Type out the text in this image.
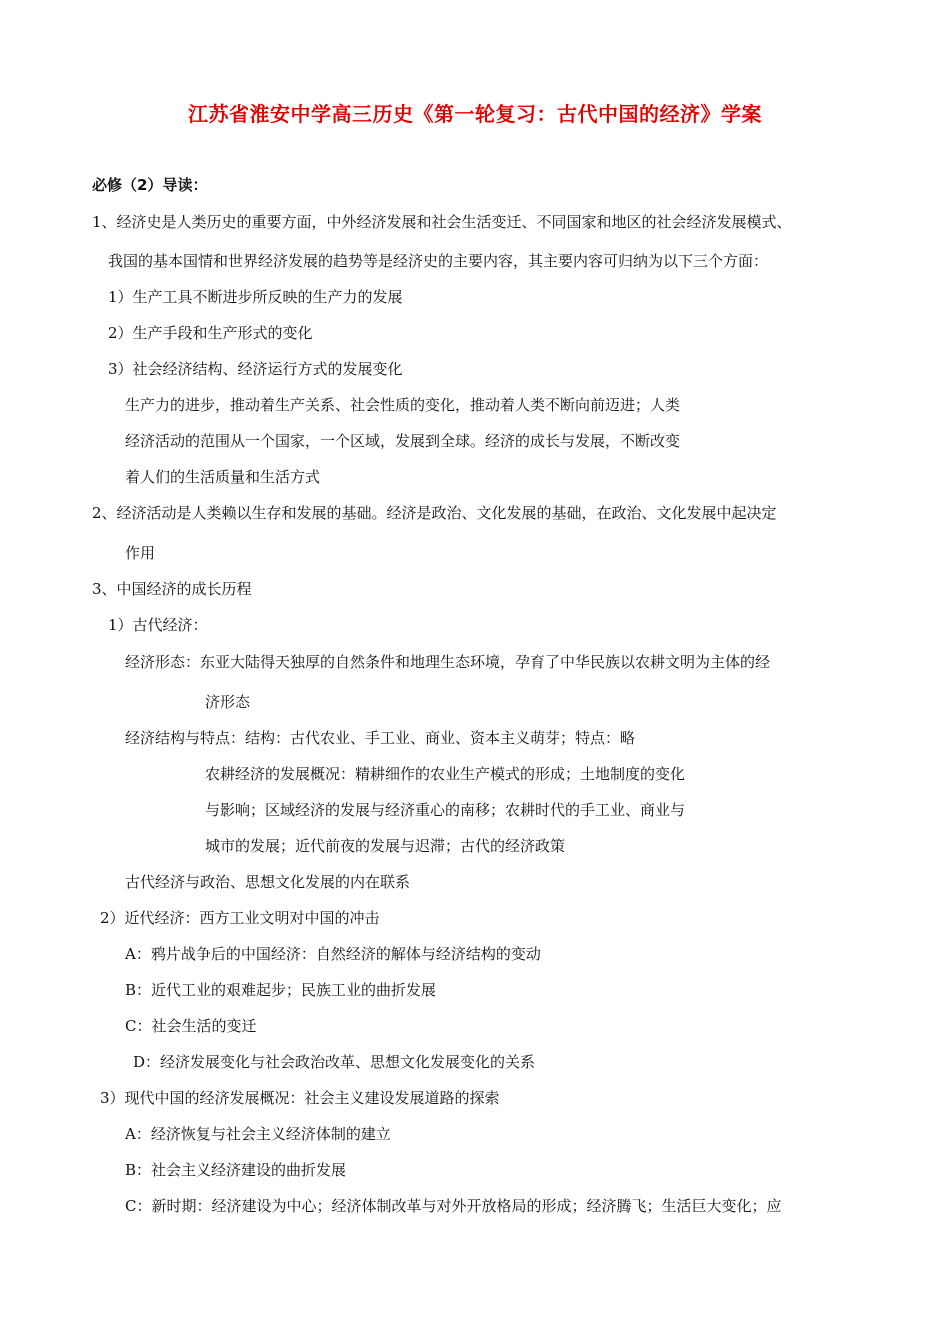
江苏省淮安中学高三历史《第一轮复习：古代中国的经济》学案
必修（2）导读：
1、经济史是人类历史的重要方面，中外经济发展和社会生活变迁、不同国家和地区的社会经济发展模式、
我国的基本国情和世界经济发展的趋势等是经济史的主要内容，其主要内容可归纳为以下三个方面：
1）生产工具不断进步所反映的生产力的发展
2）生产手段和生产形式的变化
3）社会经济结构、经济运行方式的发展变化
生产力的进步，推动着生产关系、社会性质的变化，推动着人类不断向前迈进；人类
经济活动的范围从一个国家，一个区域，发展到全球。经济的成长与发展，不断改变
着人们的生活质量和生活方式
2、经济活动是人类赖以生存和发展的基础。经济是政治、文化发展的基础，在政治、文化发展中起决定
作用
3、中国经济的成长历程
1）古代经济：
经济形态：东亚大陆得天独厚的自然条件和地理生态环境，孕育了中华民族以农耕文明为主体的经
济形态
经济结构与特点：结构：古代农业、手工业、商业、资本主义萌芽；特点：略
农耕经济的发展概况：精耕细作的农业生产模式的形成；土地制度的变化
与影响；区域经济的发展与经济重心的南移；农耕时代的手工业、商业与
城市的发展；近代前夜的发展与迟滞；古代的经济政策
古代经济与政治、思想文化发展的内在联系
2）近代经济：西方工业文明对中国的冲击
A：鸦片战争后的中国经济：自然经济的解体与经济结构的变动
B：近代工业的艰难起步；民族工业的曲折发展
C：社会生活的变迁
D：经济发展变化与社会政治改革、思想文化发展变化的关系
3）现代中国的经济发展概况：社会主义建设发展道路的探索
A：经济恢复与社会主义经济体制的建立
B：社会主义经济建设的曲折发展
C：新时期：经济建设为中心；经济体制改革与对外开放格局的形成；经济腾飞；生活巨大变化；应
